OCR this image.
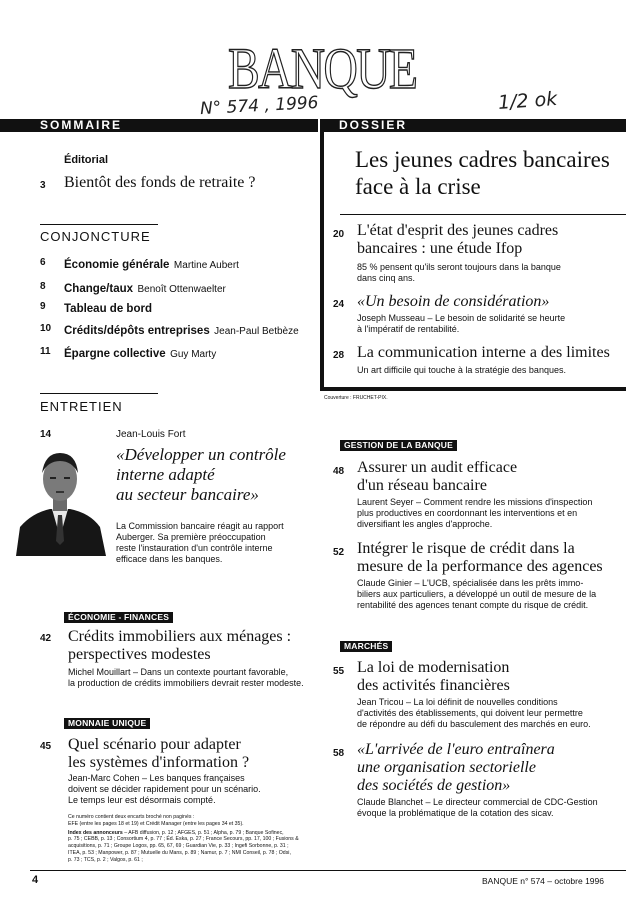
BANQUE
N° 574 , 1996	1/2 ok
SOMMAIRE	DOSSIER
Éditorial
3 Bientôt des fonds de retraite ?
CONJONCTURE
6 Économie générale Martine Aubert
8 Change/taux Benoît Ottenwaelter
9 Tableau de bord
10 Crédits/dépôts entreprises Jean-Paul Betbèze
11 Épargne collective Guy Marty
ENTRETIEN
14	Jean-Louis Fort
«Développer un contrôle
interne adapté
au secteur bancaire»
La Commission bancaire réagit au rapport
Auberger. Sa première préoccupation
reste l'instauration d'un contrôle interne
efficace dans les banques.
ÉCONOMIE - FINANCES
42 Crédits immobiliers aux ménages :
perspectives modestes
Michel Mouillart – Dans un contexte pourtant favorable,
la production de crédits immobiliers devrait rester modeste.
MONNAIE UNIQUE
45 Quel scénario pour adapter
les systèmes d'information ?
Jean-Marc Cohen – Les banques françaises
doivent se décider rapidement pour un scénario.
Le temps leur est désormais compté.
Ce numéro contient deux encarts broché non paginés :
EFE (entre les pages 18 et 19) et Crédit Manager (entre les pages 34 et 35).
Index des annonceurs – AFB diffusion, p. 12 ; AFGES, p. 51 ; Alpha, p. 79 ; Banque Sofinec,
p. 75 ; CEBB, p. 13 ; Consortium 4, p. 77 ; Éd. Eska, p. 27 ; France Secours, pp. 17, 100 ; Fusions &
acquisitions, p. 71 ; Groupe Logos, pp. 65, 67, 69 ; Guardian Vie, p. 33 ; Ingefi Sorbonne, p. 31 ;
ITEA, p. 53 ; Manpower, p. 87 ; Mutuelle du Mans, p. 89 ; Namur, p. 7 ; NMI Conseil, p. 78 ; Odsi,
p. 73 ; TCS, p. 2 ; Valgos, p. 61 ;
Les jeunes cadres bancaires
face à la crise
20 L'état d'esprit des jeunes cadres
bancaires : une étude Ifop
85 % pensent qu'ils seront toujours dans la banque
dans cinq ans.
24 «Un besoin de considération»
Joseph Musseau – Le besoin de solidarité se heurte
à l'impératif de rentabilité.
28 La communication interne a des limites
Un art difficile qui touche à la stratégie des banques.
Couverture : FRUCHET-PIX.
GESTION DE LA BANQUE
48 Assurer un audit efficace
d'un réseau bancaire
Laurent Seyer – Comment rendre les missions d'inspection
plus productives en coordonnant les interventions et en
diversifiant les angles d'approche.
52 Intégrer le risque de crédit dans la
mesure de la performance des agences
Claude Ginier – L'UCB, spécialisée dans les prêts immo-
biliers aux particuliers, a développé un outil de mesure de la
rentabilité des agences tenant compte du risque de crédit.
MARCHÉS
55 La loi de modernisation
des activités financières
Jean Tricou – La loi définit de nouvelles conditions
d'activités des établissements, qui doivent leur permettre
de répondre au défi du basculement des marchés en euro.
58 «L'arrivée de l'euro entraînera
une organisation sectorielle
des sociétés de gestion»
Claude Blanchet – Le directeur commercial de CDC-Gestion
évoque la problématique de la cotation des sicav.
4	BANQUE n° 574 – octobre 1996
